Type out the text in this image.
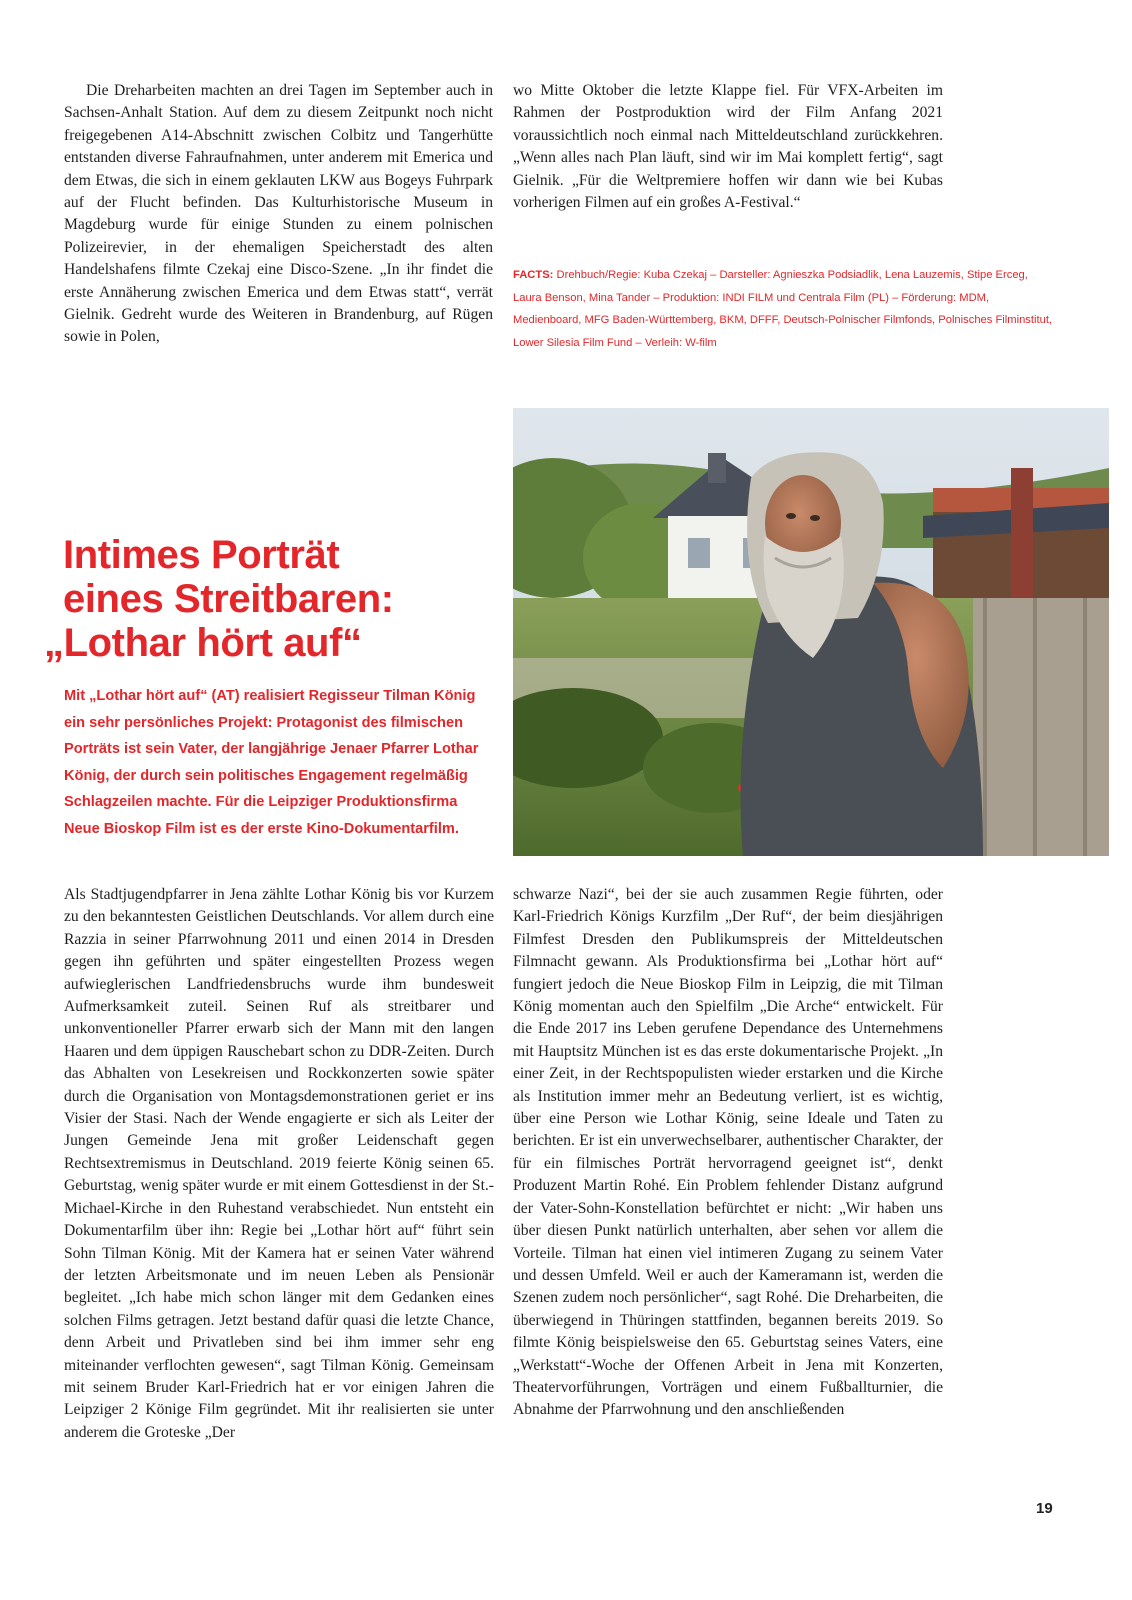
Die Dreharbeiten machten an drei Tagen im September auch in Sachsen-Anhalt Station. Auf dem zu diesem Zeitpunkt noch nicht freigegebenen A14-Abschnitt zwischen Colbitz und Tangerhütte entstanden diverse Fahraufnahmen, unter anderem mit Emerica und dem Etwas, die sich in einem geklauten LKW aus Bogeys Fuhrpark auf der Flucht befinden. Das Kulturhistorische Museum in Magdeburg wurde für einige Stunden zu einem polnischen Polizeirevier, in der ehemaligen Speicherstadt des alten Handelshafens filmte Czekaj eine Disco-Szene. „In ihr findet die erste Annäherung zwischen Emerica und dem Etwas statt“, verrät Gielnik. Gedreht wurde des Weiteren in Brandenburg, auf Rügen sowie in Polen,

wo Mitte Oktober die letzte Klappe fiel. Für VFX-Arbeiten im Rahmen der Postproduktion wird der Film Anfang 2021 voraussichtlich noch einmal nach Mitteldeutschland zurückkehren. „Wenn alles nach Plan läuft, sind wir im Mai komplett fertig“, sagt Gielnik. „Für die Weltpremiere hoffen wir dann wie bei Kubas vorherigen Filmen auf ein großes A-Festival.“

FACTS: Drehbuch/Regie: Kuba Czekaj – Darsteller: Agnieszka Podsiadlik, Lena Lauzemis, Stipe Erceg, Laura Benson, Mina Tander – Produktion: INDI FILM und Centrala Film (PL) – Förderung: MDM, Medienboard, MFG Baden-Württemberg, BKM, DFFF, Deutsch-Polnischer Filmfonds, Polnisches Filminstitut, Lower Silesia Film Fund – Verleih: W-film
Intimes Porträt
eines Streitbaren:
„Lothar hört auf“

Mit „Lothar hört auf“ (AT) realisiert Regisseur Tilman König ein sehr persönliches Projekt: Protagonist des filmischen Porträts ist sein Vater, der langjährige Jenaer Pfarrer Lothar König, der durch sein politisches Engagement regelmäßig Schlagzeilen machte. Für die Leipziger Produktionsfirma Neue Bioskop Film ist es der erste Kino-Dokumentarfilm.

Als Stadtjugendpfarrer in Jena zählte Lothar König bis vor Kurzem zu den bekanntesten Geistlichen Deutschlands. Vor allem durch eine Razzia in seiner Pfarrwohnung 2011 und einen 2014 in Dresden gegen ihn geführten und später eingestellten Prozess wegen aufwieglerischen Landfriedensbruchs wurde ihm bundesweit Aufmerksamkeit zuteil. Seinen Ruf als streitbarer und unkonventioneller Pfarrer erwarb sich der Mann mit den langen Haaren und dem üppigen Rauschebart schon zu DDR-Zeiten. Durch das Abhalten von Lesekreisen und Rockkonzerten sowie später durch die Organisation von Montagsdemonstrationen geriet er ins Visier der Stasi. Nach der Wende engagierte er sich als Leiter der Jungen Gemeinde Jena mit großer Leidenschaft gegen Rechtsextremismus in Deutschland. 2019 feierte König seinen 65. Geburtstag, wenig später wurde er mit einem Gottesdienst in der St.-Michael-Kirche in den Ruhestand verabschiedet. Nun entsteht ein Dokumentarfilm über ihn: Regie bei „Lothar hört auf“ führt sein Sohn Tilman König. Mit der Kamera hat er seinen Vater während der letzten Arbeitsmonate und im neuen Leben als Pensionär begleitet. „Ich habe mich schon länger mit dem Gedanken eines solchen Films getragen. Jetzt bestand dafür quasi die letzte Chance, denn Arbeit und Privatleben sind bei ihm immer sehr eng miteinander verflochten gewesen“, sagt Tilman König. Gemeinsam mit seinem Bruder Karl-Friedrich hat er vor einigen Jahren die Leipziger 2 Könige Film gegründet. Mit ihr realisierten sie unter anderem die Groteske „Der

schwarze Nazi“, bei der sie auch zusammen Regie führten, oder Karl-Friedrich Königs Kurzfilm „Der Ruf“, der beim diesjährigen Filmfest Dresden den Publikumspreis der Mitteldeutschen Filmnacht gewann. Als Produktionsfirma bei „Lothar hört auf“ fungiert jedoch die Neue Bioskop Film in Leipzig, die mit Tilman König momentan auch den Spielfilm „Die Arche“ entwickelt. Für die Ende 2017 ins Leben gerufene Dependance des Unternehmens mit Hauptsitz München ist es das erste dokumentarische Projekt. „In einer Zeit, in der Rechtspopulisten wieder erstarken und die Kirche als Institution immer mehr an Bedeutung verliert, ist es wichtig, über eine Person wie Lothar König, seine Ideale und Taten zu berichten. Er ist ein unverwechselbarer, authentischer Charakter, der für ein filmisches Porträt hervorragend geeignet ist“, denkt Produzent Martin Rohé. Ein Problem fehlender Distanz aufgrund der Vater-Sohn-Konstellation befürchtet er nicht: „Wir haben uns über diesen Punkt natürlich unterhalten, aber sehen vor allem die Vorteile. Tilman hat einen viel intimeren Zugang zu seinem Vater und dessen Umfeld. Weil er auch der Kameramann ist, werden die Szenen zudem noch persönlicher“, sagt Rohé. Die Dreharbeiten, die überwiegend in Thüringen stattfinden, begannen bereits 2019. So filmte König beispielsweise den 65. Geburtstag seines Vaters, eine „Werkstatt“-Woche der Offenen Arbeit in Jena mit Konzerten, Theatervorführungen, Vorträgen und einem Fußballturnier, die Abnahme der Pfarrwohnung und den anschließenden

19
